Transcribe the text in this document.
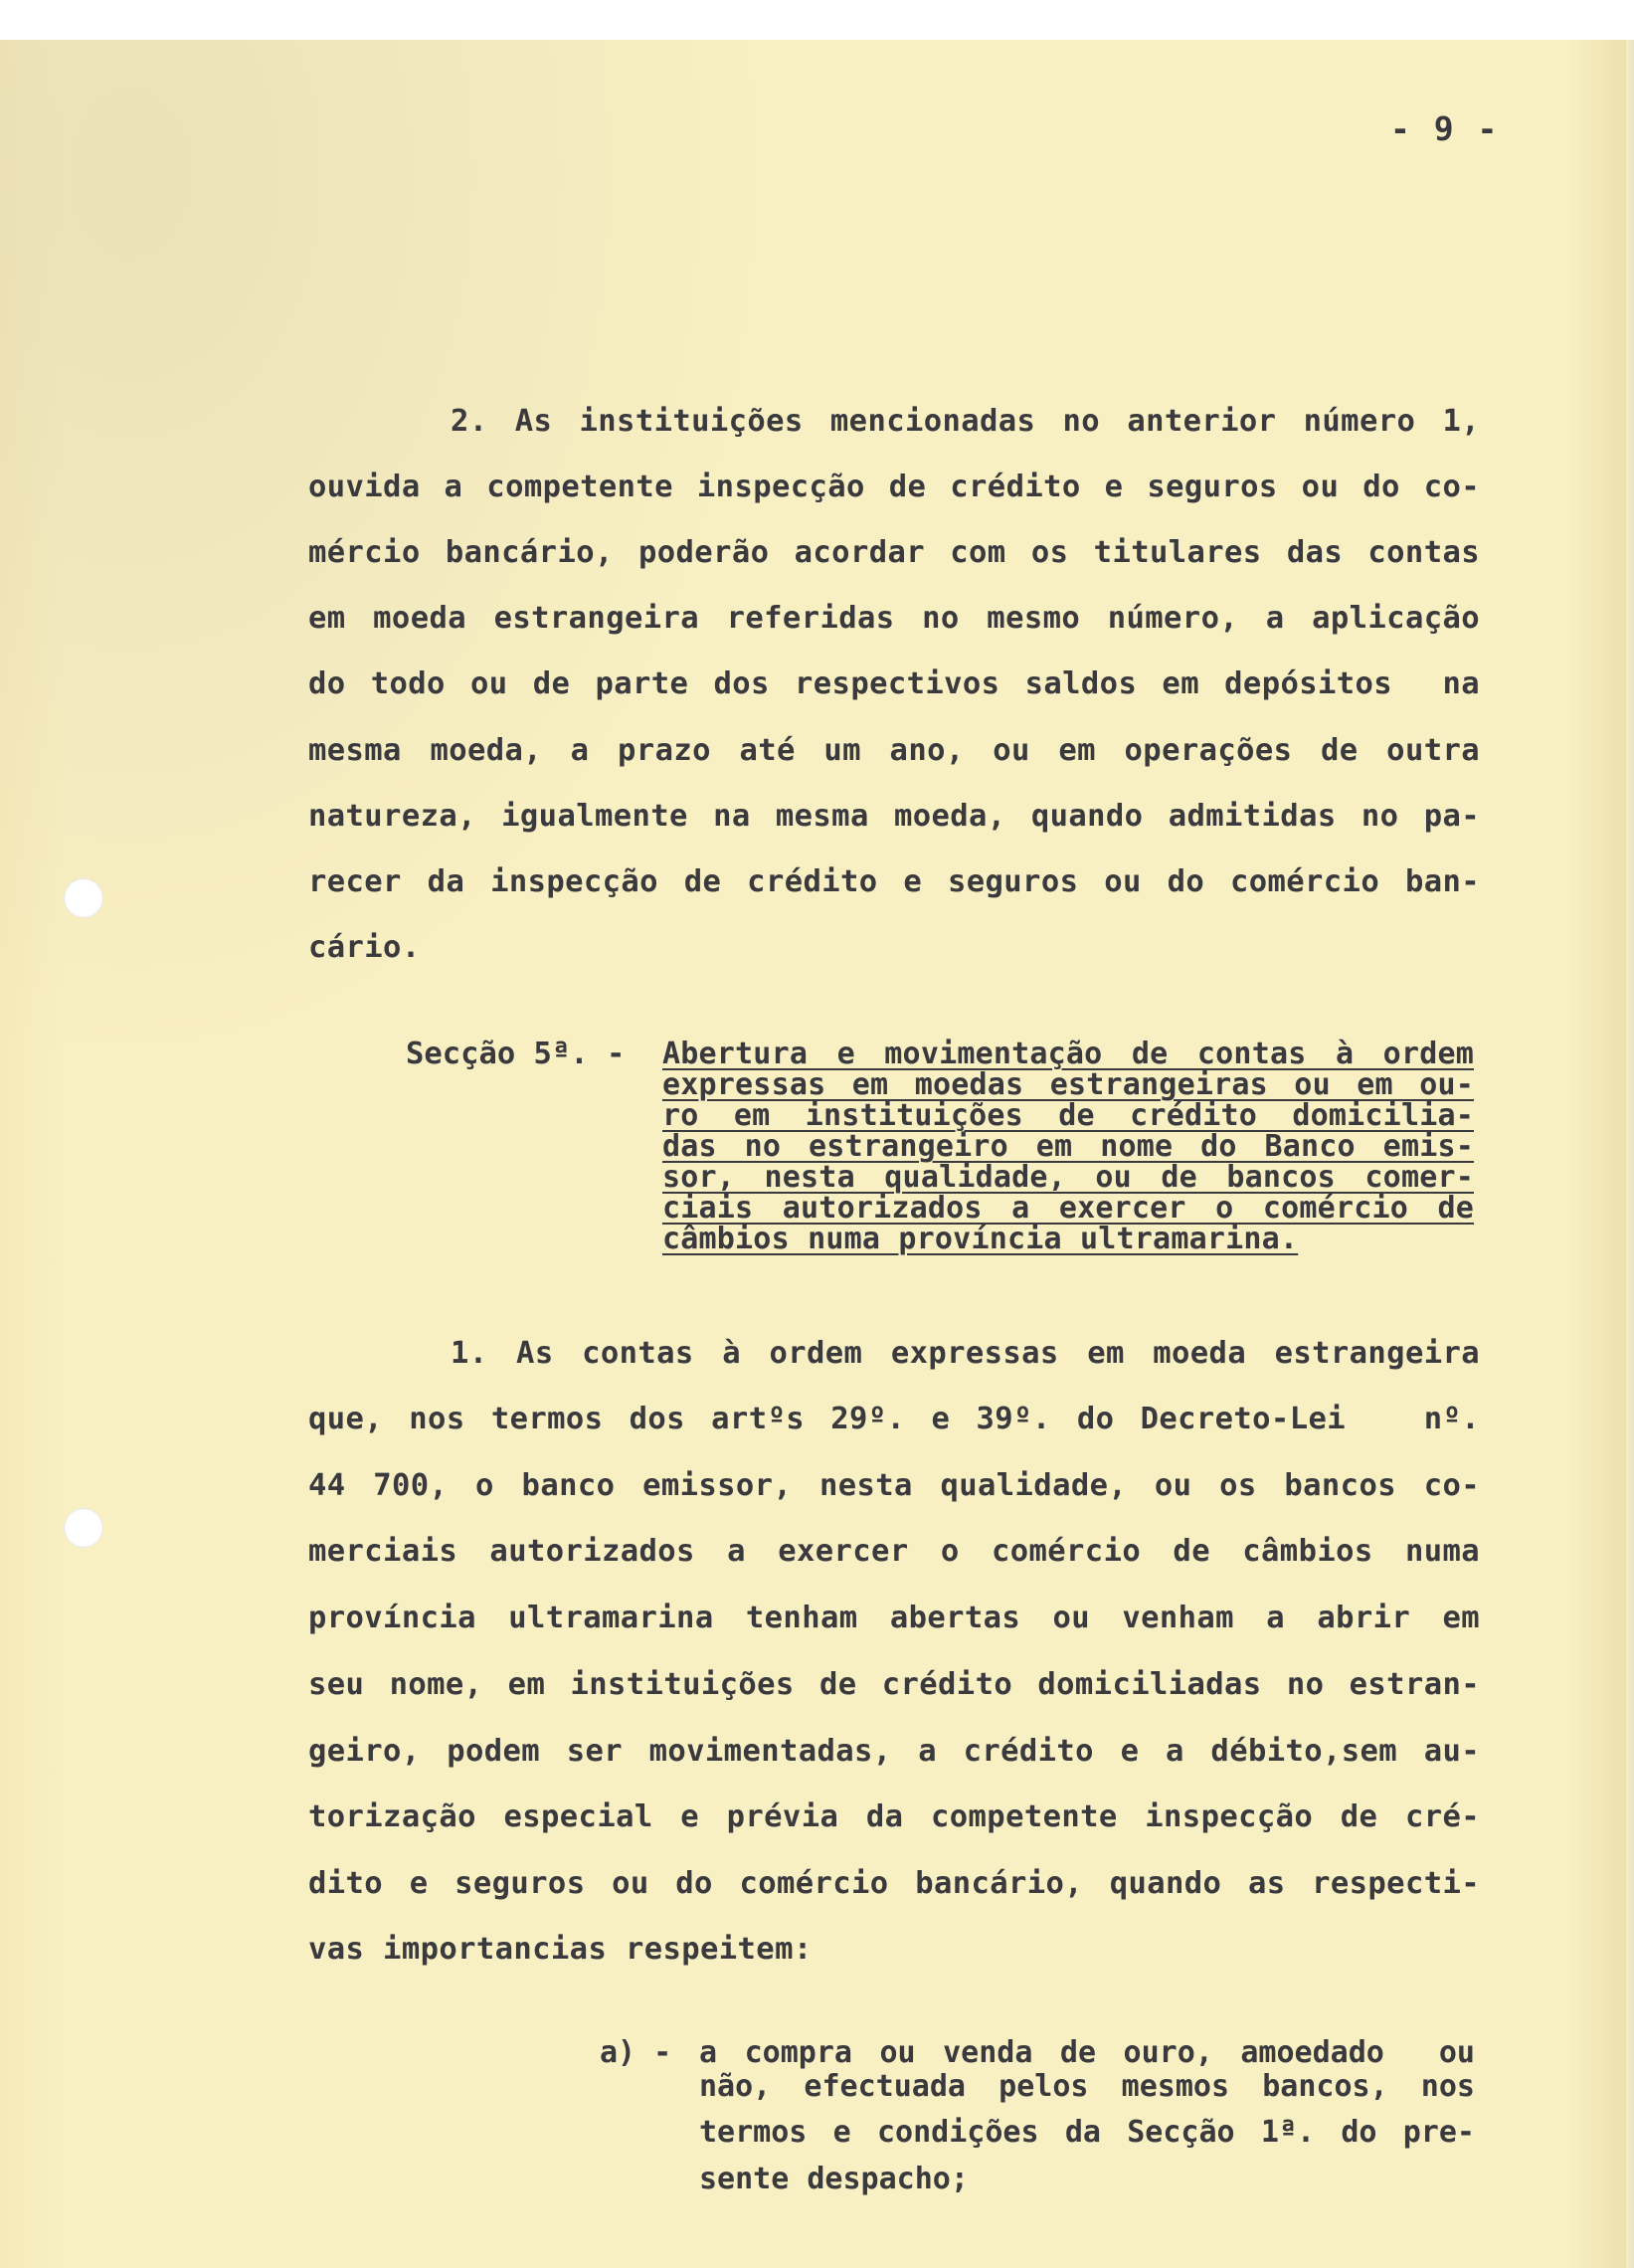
- 9 -
2. As instituições mencionadas no anterior número 1,
ouvida a competente inspecção de crédito e seguros ou do co-
mércio bancário, poderão acordar com os titulares das contas
em moeda estrangeira referidas no mesmo número, a aplicação
do todo ou de parte dos respectivos saldos em depósitos  na
mesma moeda, a prazo até um ano, ou em operações de outra
natureza, igualmente na mesma moeda, quando admitidas no pa-
recer da inspecção de crédito e seguros ou do comércio ban-
cário.
Secção 5ª. - Abertura e movimentação de contas à ordem
expressas em moedas estrangeiras ou em ou-
ro em instituições de crédito domicilia-
das no estrangeiro em nome do Banco emis-
sor, nesta qualidade, ou de bancos comer-
ciais autorizados a exercer o comércio de
câmbios numa província ultramarina.
1. As contas à ordem expressas em moeda estrangeira
que, nos termos dos artºs 29º. e 39º. do Decreto-Lei   nº.
44 700, o banco emissor, nesta qualidade, ou os bancos co-
merciais autorizados a exercer o comércio de câmbios numa
província ultramarina tenham abertas ou venham a abrir em
seu nome, em instituições de crédito domiciliadas no estran-
geiro, podem ser movimentadas, a crédito e a débito,sem au-
torização especial e prévia da competente inspecção de cré-
dito e seguros ou do comércio bancário, quando as respecti-
vas importancias respeitem:
a) - a compra ou venda de ouro, amoedado  ou
não, efectuada pelos mesmos bancos, nos
termos e condições da Secção 1ª. do pre-
sente despacho;
